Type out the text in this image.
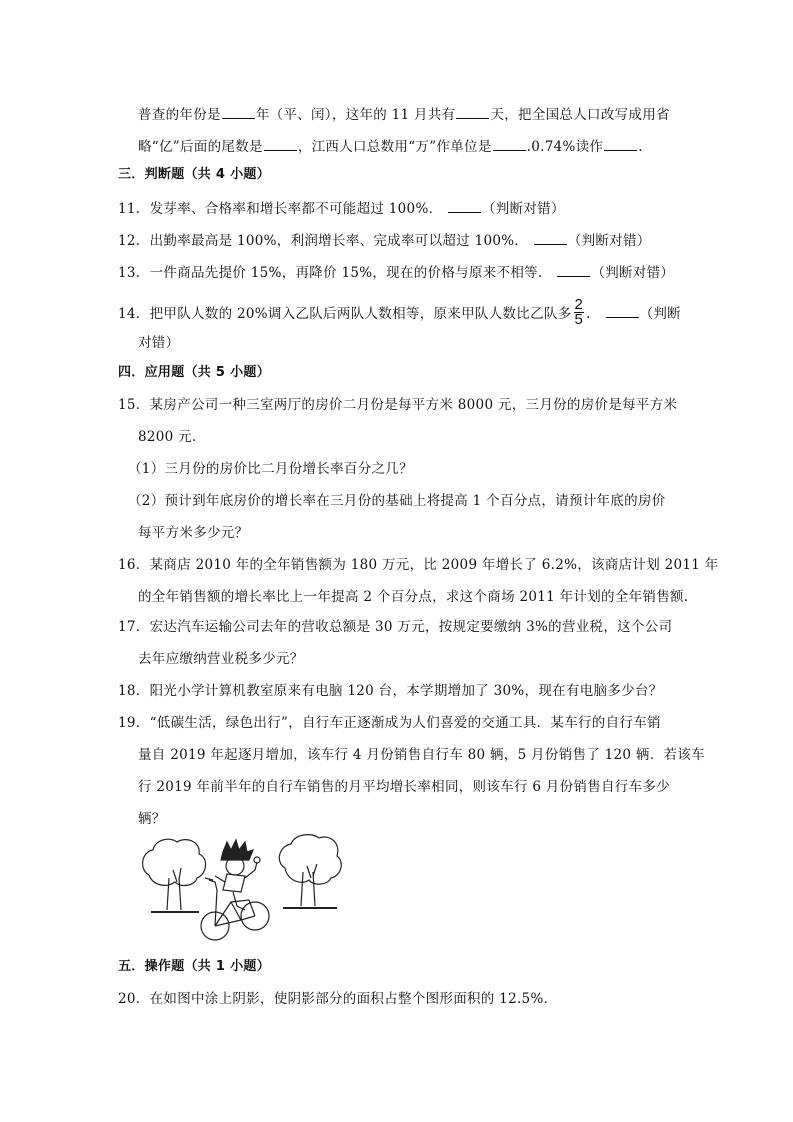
普查的年份是	年（平、闰），这年的 11 月共有	天，把全国总人口改写成用省
略“亿”后面的尾数是	，江西人口总数用“万”作单位是	.0.74%读作	.
三．判断题（共 4 小题）
11．发芽率、合格率和增长率都不可能超过 100%．	（判断对错）
12．出勤率最高是 100%，利润增长率、完成率可以超过 100%．	（判断对错）
13．一件商品先提价 15%，再降价 15%，现在的价格与原来不相等．	（判断对错）
14．把甲队人数的 20%调入乙队后两队人数相等，原来甲队人数比乙队多 $\frac{2}{5}$ ．	（判断
对错）
四．应用题（共 5 小题）
15．某房产公司一种三室两厅的房价二月份是每平方米 8000 元，三月份的房价是每平方米
8200 元．
（1）三月份的房价比二月份增长率百分之几？
（2）预计到年底房价的增长率在三月份的基础上将提高 1 个百分点，请预计年底的房价
每平方米多少元？
16．某商店 2010 年的全年销售额为 180 万元，比 2009 年增长了 6.2%，该商店计划 2011 年
的全年销售额的增长率比上一年提高 2 个百分点，求这个商场 2011 年计划的全年销售额.
17．宏达汽车运输公司去年的营收总额是 30 万元，按规定要缴纳 3%的营业税，这个公司
去年应缴纳营业税多少元？
18．阳光小学计算机教室原来有电脑 120 台，本学期增加了 30%，现在有电脑多少台？
19．“低碳生活，绿色出行”，自行车正逐渐成为人们喜爱的交通工具．某车行的自行车销
量自 2019 年起逐月增加，该车行 4 月份销售自行车 80 辆，5 月份销售了 120 辆．若该车
行 2019 年前半年的自行车销售的月平均增长率相同，则该车行 6 月份销售自行车多少
辆？
五．操作题（共 1 小题）
20．在如图中涂上阴影，使阴影部分的面积占整个图形面积的 12.5%．
